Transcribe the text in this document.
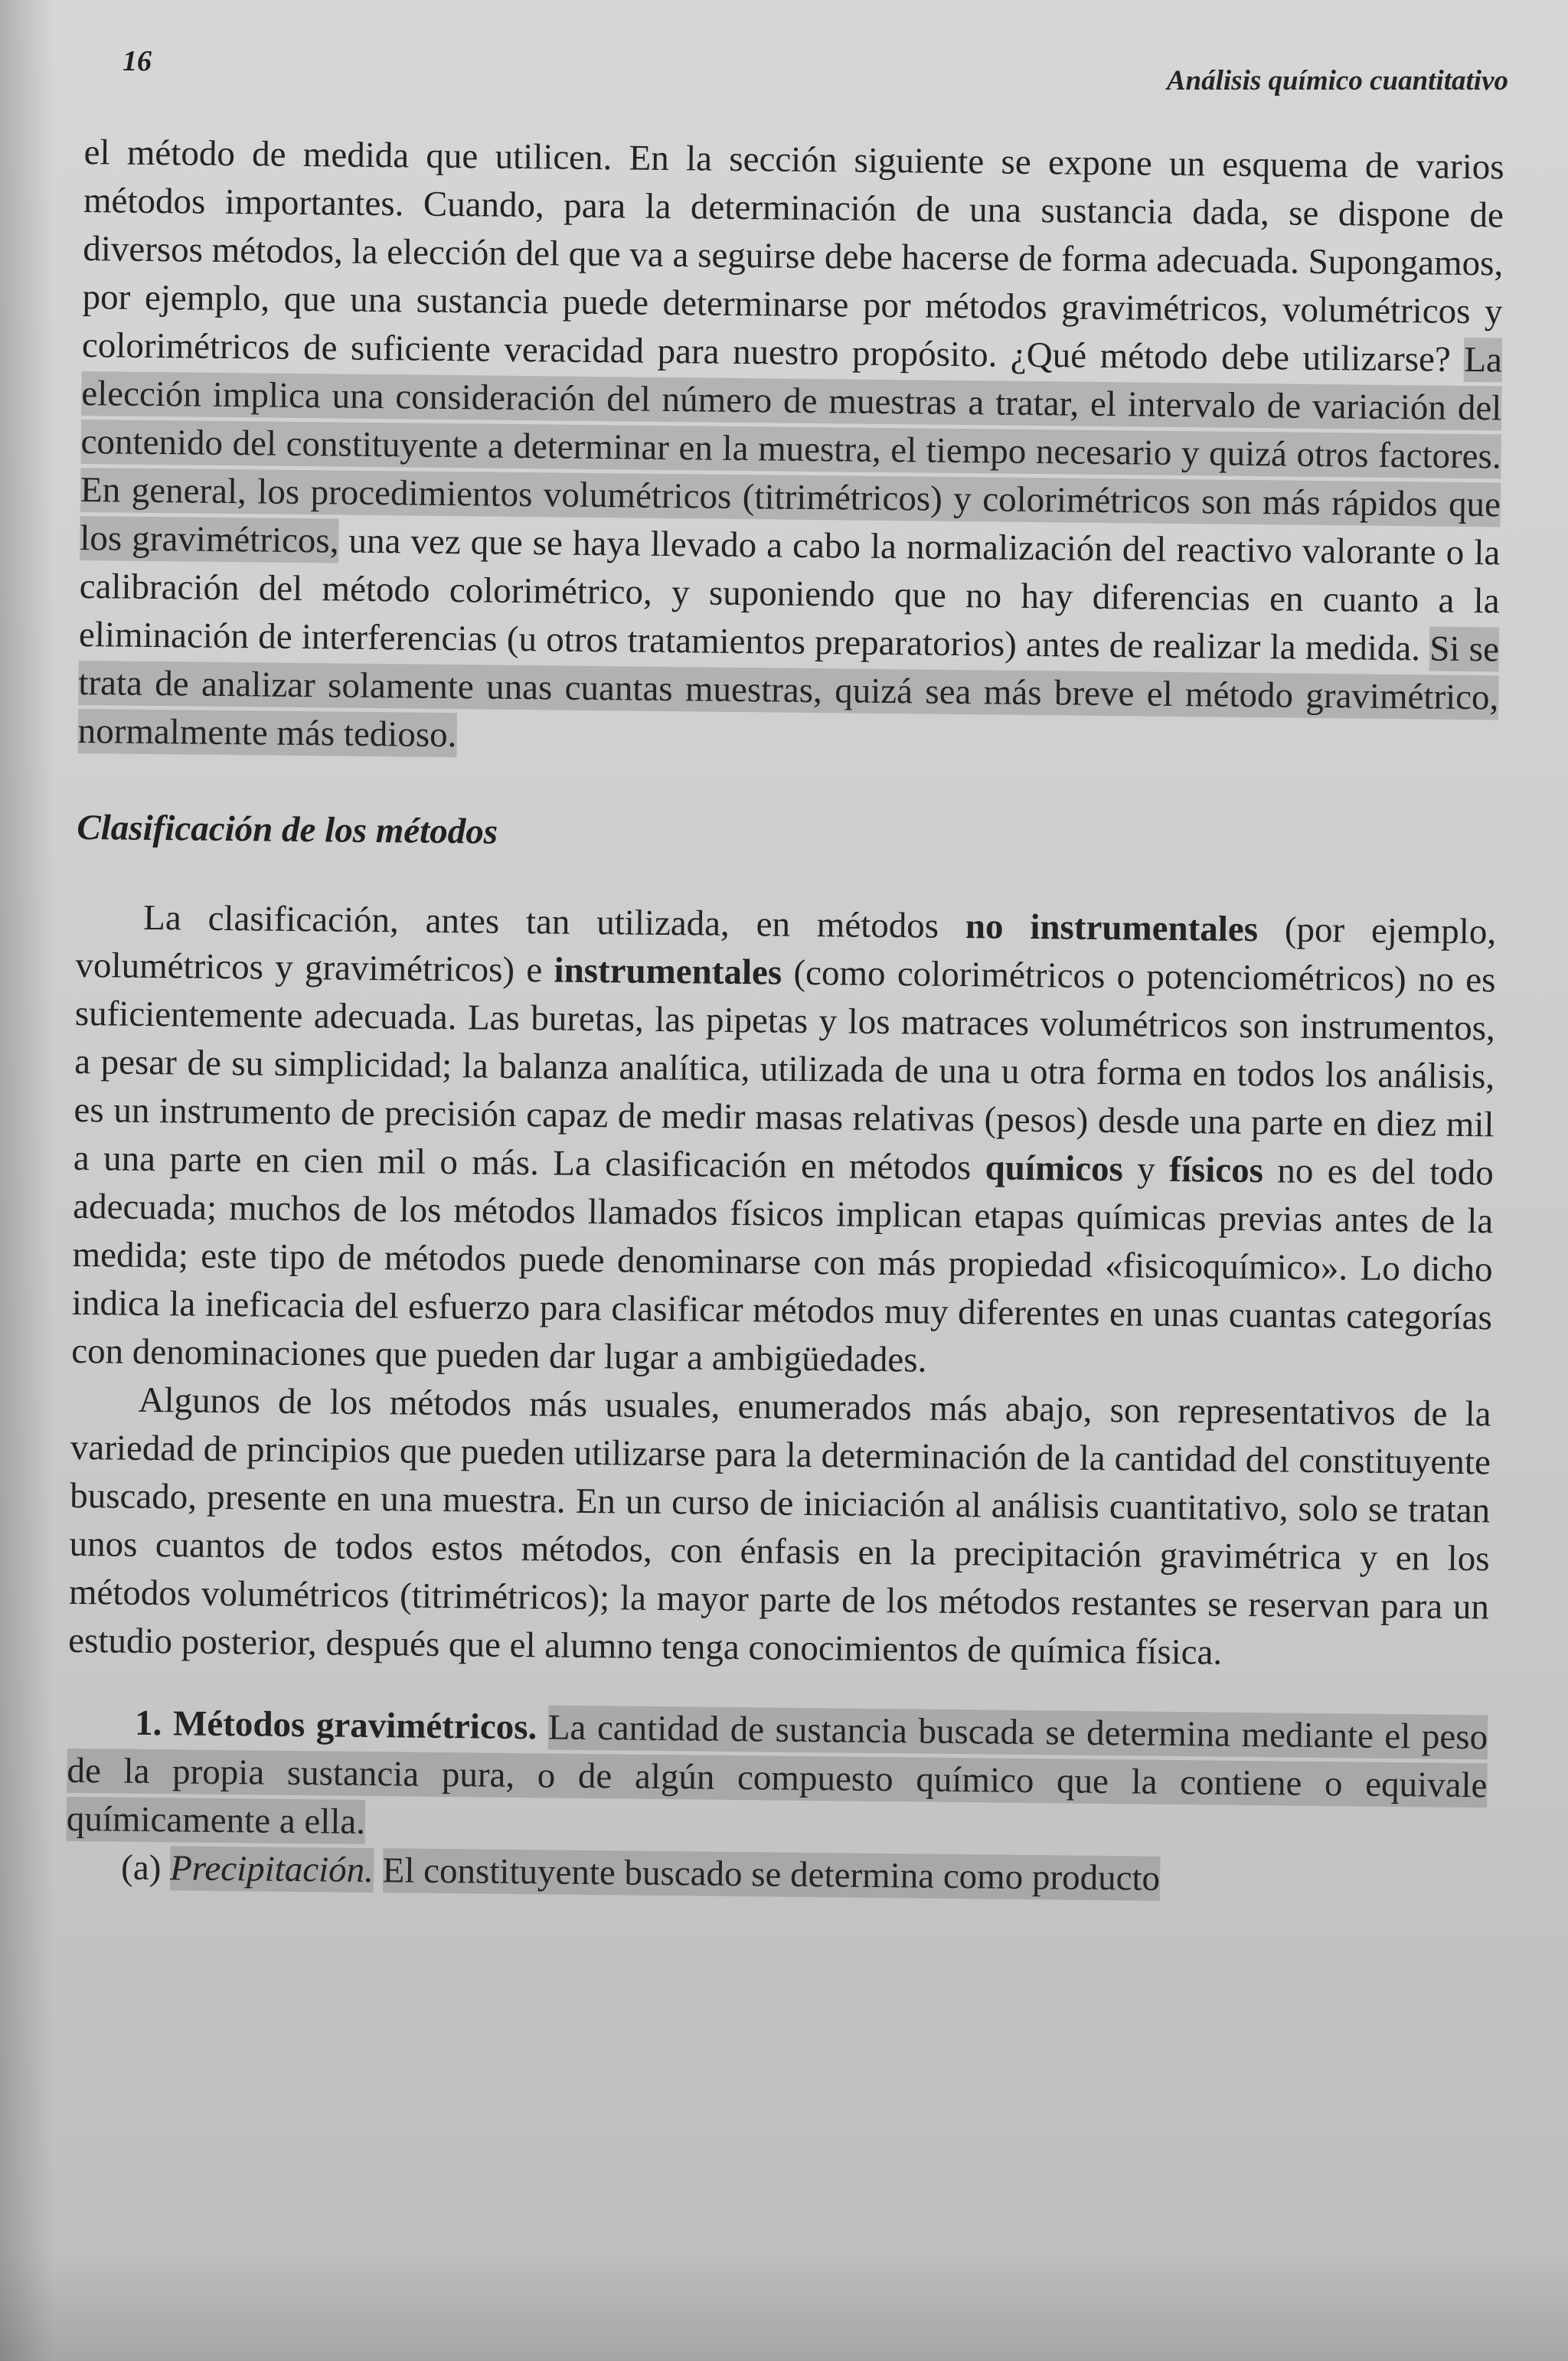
16
Análisis químico cuantitativo

el método de medida que utilicen. En la sección siguiente se expone un esquema de varios métodos importantes. Cuando, para la determinación de una sustancia dada, se dispone de diversos métodos, la elección del que va a seguirse debe hacerse de forma adecuada. Supongamos, por ejemplo, que una sustancia puede determinarse por métodos gravimétricos, volumétricos y colorimétricos de suficiente veracidad para nuestro propósito. ¿Qué método debe utilizarse? La elección implica una consideración del número de muestras a tratar, el intervalo de variación del contenido del constituyente a determinar en la muestra, el tiempo necesario y quizá otros factores. En general, los procedimientos volumétricos (titrimétricos) y colorimétricos son más rápidos que los gravimétricos, una vez que se haya llevado a cabo la normalización del reactivo valorante o la calibración del método colorimétrico, y suponiendo que no hay diferencias en cuanto a la eliminación de interferencias (u otros tratamientos preparatorios) antes de realizar la medida. Si se trata de analizar solamente unas cuantas muestras, quizá sea más breve el método gravimétrico, normalmente más tedioso.

Clasificación de los métodos

La clasificación, antes tan utilizada, en métodos no instrumentales (por ejemplo, volumétricos y gravimétricos) e instrumentales (como colorimétricos o potenciométricos) no es suficientemente adecuada. Las buretas, las pipetas y los matraces volumétricos son instrumentos, a pesar de su simplicidad; la balanza analítica, utilizada de una u otra forma en todos los análisis, es un instrumento de precisión capaz de medir masas relativas (pesos) desde una parte en diez mil a una parte en cien mil o más. La clasificación en métodos químicos y físicos no es del todo adecuada; muchos de los métodos llamados físicos implican etapas químicas previas antes de la medida; este tipo de métodos puede denominarse con más propiedad «fisicoquímico». Lo dicho indica la ineficacia del esfuerzo para clasificar métodos muy diferentes en unas cuantas categorías con denominaciones que pueden dar lugar a ambigüedades.

Algunos de los métodos más usuales, enumerados más abajo, son representativos de la variedad de principios que pueden utilizarse para la determinación de la cantidad del constituyente buscado, presente en una muestra. En un curso de iniciación al análisis cuantitativo, solo se tratan unos cuantos de todos estos métodos, con énfasis en la precipitación gravimétrica y en los métodos volumétricos (titrimétricos); la mayor parte de los métodos restantes se reservan para un estudio posterior, después que el alumno tenga conocimientos de química física.

1. Métodos gravimétricos. La cantidad de sustancia buscada se determina mediante el peso de la propia sustancia pura, o de algún compuesto químico que la contiene o equivale químicamente a ella.

(a) Precipitación. El constituyente buscado se determina como producto
